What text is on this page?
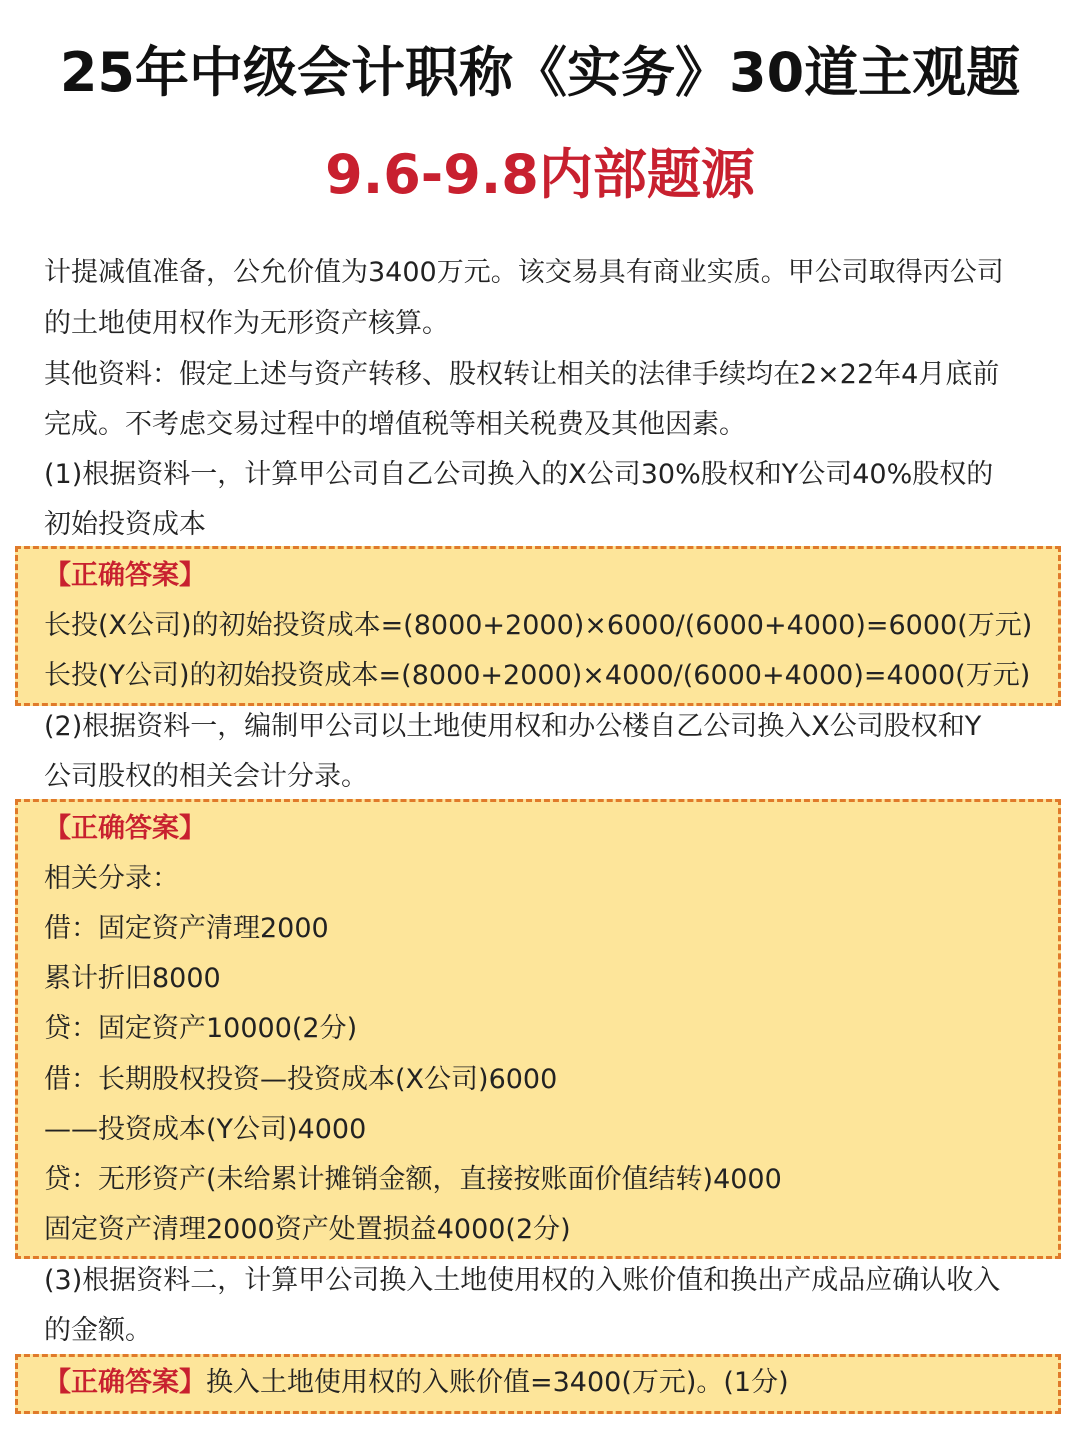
25年中级会计职称《实务》30道主观题
9.6-9.8内部题源
计提减值准备，公允价值为3400万元。该交易具有商业实质。甲公司取得丙公司
的土地使用权作为无形资产核算。
其他资料：假定上述与资产转移、股权转让相关的法律手续均在2×22年4月底前
完成。不考虑交易过程中的增值税等相关税费及其他因素。
(1)根据资料一，计算甲公司自乙公司换入的X公司30%股权和Y公司40%股权的
初始投资成本
【正确答案】
长投(X公司)的初始投资成本=(8000+2000)×6000/(6000+4000)=6000(万元)
长投(Y公司)的初始投资成本=(8000+2000)×4000/(6000+4000)=4000(万元)
(2)根据资料一，编制甲公司以土地使用权和办公楼自乙公司换入X公司股权和Y
公司股权的相关会计分录。
【正确答案】
相关分录：
借：固定资产清理2000
累计折旧8000
贷：固定资产10000(2分)
借：长期股权投资—投资成本(X公司)6000
——投资成本(Y公司)4000
贷：无形资产(未给累计摊销金额，直接按账面价值结转)4000
固定资产清理2000资产处置损益4000(2分)
(3)根据资料二，计算甲公司换入土地使用权的入账价值和换出产成品应确认收入
的金额。
【正确答案】换入土地使用权的入账价值=3400(万元)。(1分)
